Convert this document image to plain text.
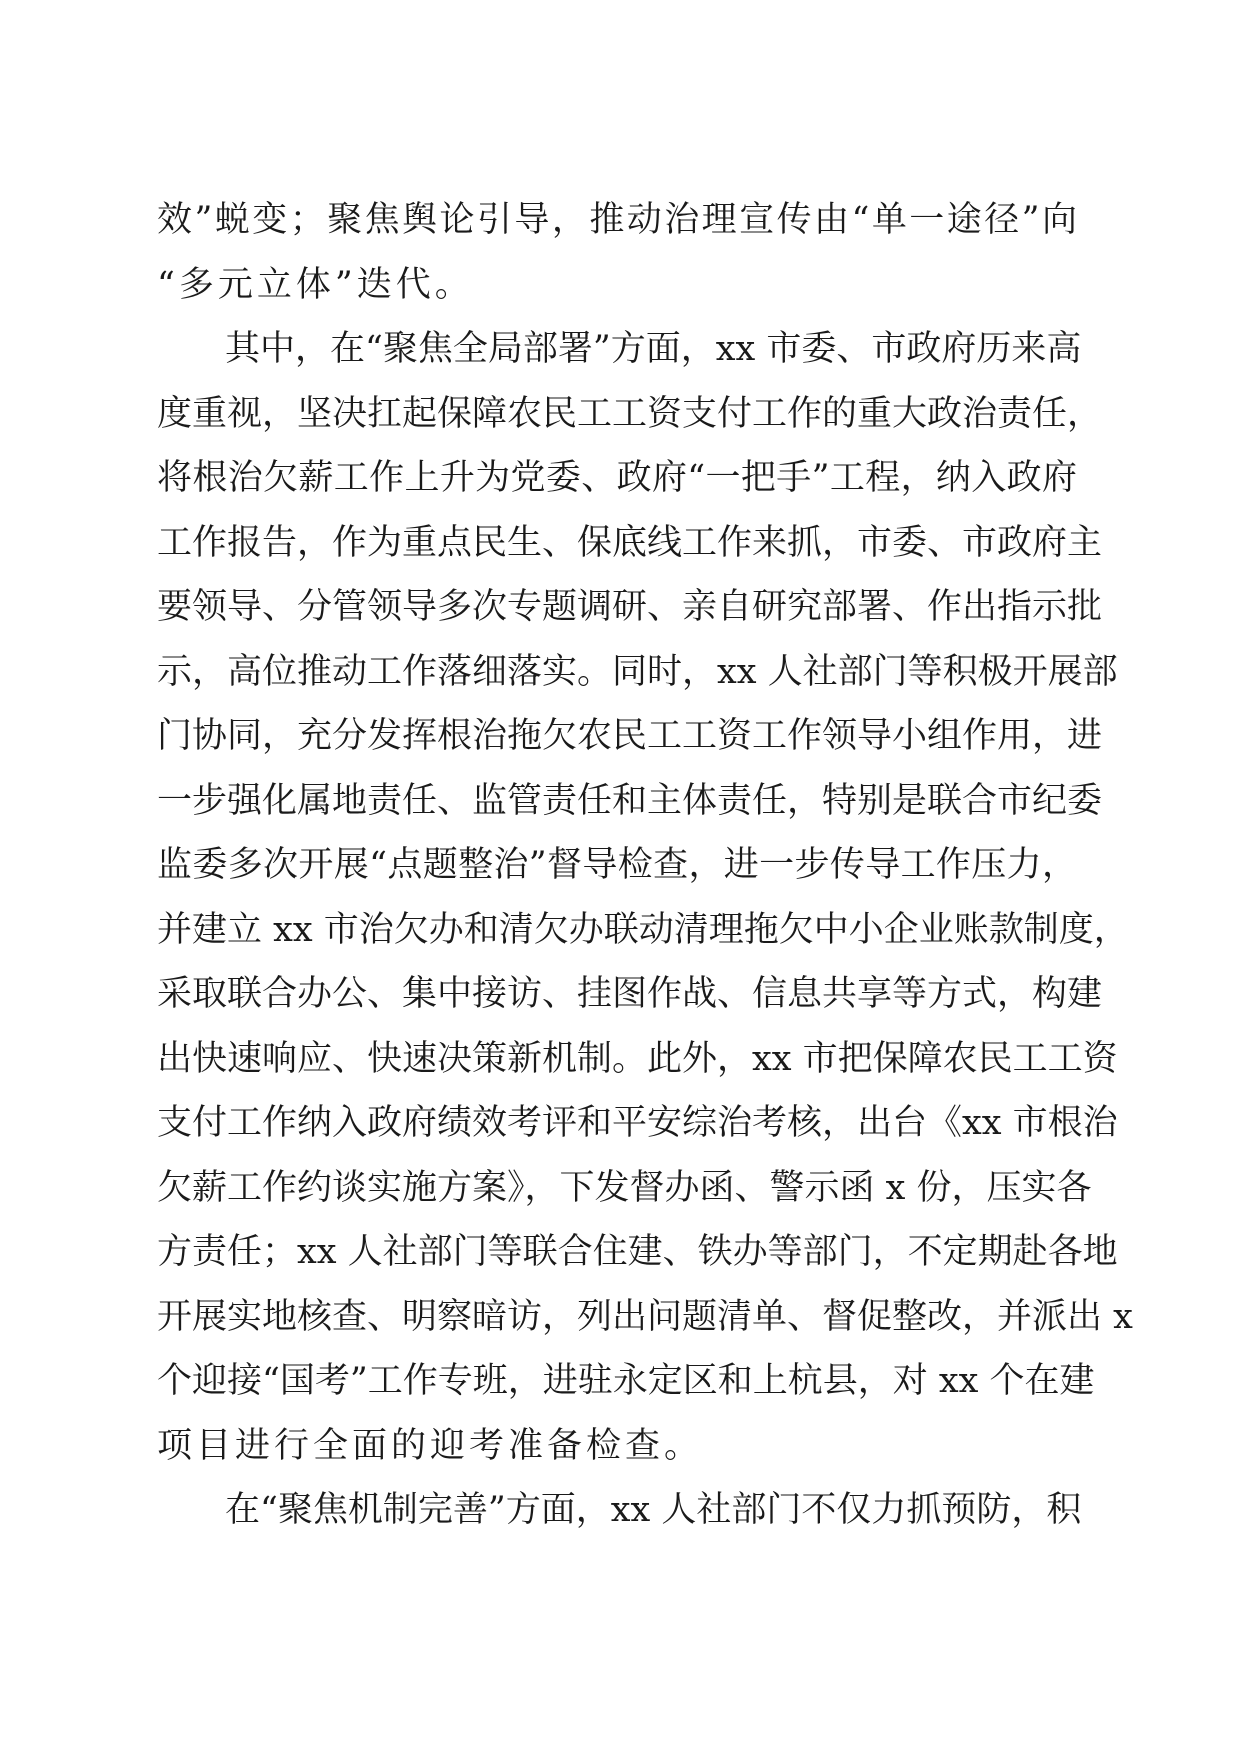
效”蜕变；聚焦舆论引导，推动治理宣传由“单一途径”向
“多元立体”迭代。
其中，在“聚焦全局部署”方面，xx 市委、市政府历来高
度重视，坚决扛起保障农民工工资支付工作的重大政治责任，
将根治欠薪工作上升为党委、政府“一把手”工程，纳入政府
工作报告，作为重点民生、保底线工作来抓，市委、市政府主
要领导、分管领导多次专题调研、亲自研究部署、作出指示批
示，高位推动工作落细落实。同时，xx 人社部门等积极开展部
门协同，充分发挥根治拖欠农民工工资工作领导小组作用，进
一步强化属地责任、监管责任和主体责任，特别是联合市纪委
监委多次开展“点题整治”督导检查，进一步传导工作压力，
并建立 xx 市治欠办和清欠办联动清理拖欠中小企业账款制度，
采取联合办公、集中接访、挂图作战、信息共享等方式，构建
出快速响应、快速决策新机制。此外，xx 市把保障农民工工资
支付工作纳入政府绩效考评和平安综治考核，出台《xx 市根治
欠薪工作约谈实施方案》，下发督办函、警示函 x 份，压实各
方责任；xx 人社部门等联合住建、铁办等部门，不定期赴各地
开展实地核查、明察暗访，列出问题清单、督促整改，并派出 x
个迎接“国考”工作专班，进驻永定区和上杭县，对 xx 个在建
项目进行全面的迎考准备检查。
在“聚焦机制完善”方面，xx 人社部门不仅力抓预防，积
